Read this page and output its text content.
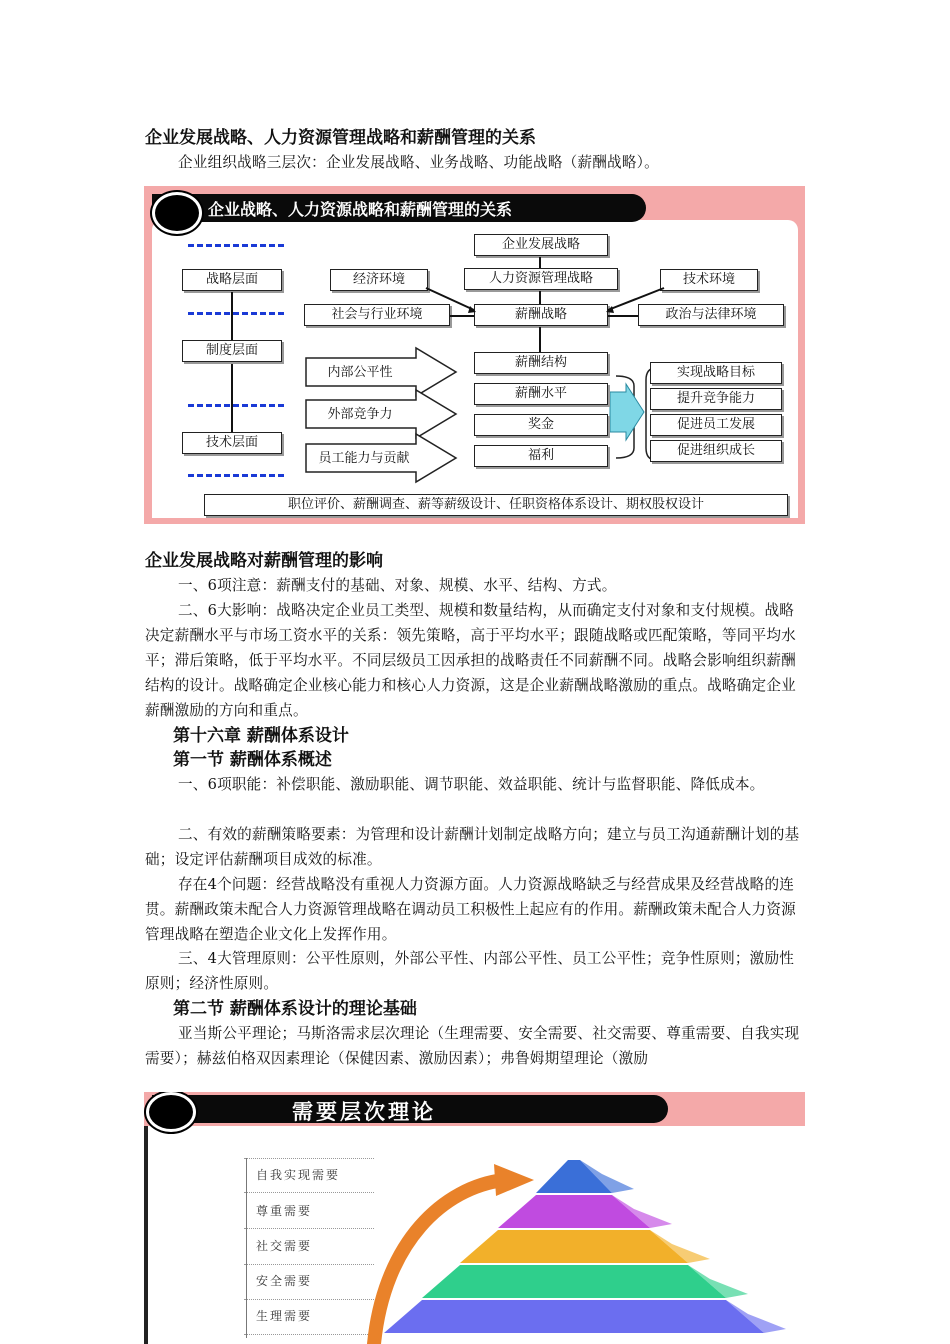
企业发展战略、人力资源管理战略和薪酬管理的关系
企业组织战略三层次：企业发展战略、业务战略、功能战略（薪酬战略）。
企业战略、人力资源战略和薪酬管理的关系
战略层面
制度层面
技术层面
企业发展战略
人力资源管理战略
薪酬战略
经济环境
社会与行业环境
技术环境
政治与法律环境
内部公平性
外部竞争力
员工能力与贡献
薪酬结构
薪酬水平
奖金
福利
实现战略目标
提升竞争能力
促进员工发展
促进组织成长
职位评价、薪酬调查、薪等薪级设计、任职资格体系设计、期权股权设计
企业发展战略对薪酬管理的影响
一、6项注意：薪酬支付的基础、对象、规模、水平、结构、方式。
二、6大影响：战略决定企业员工类型、规模和数量结构，从而确定支付对象和支付规模。战略决定薪酬水平与市场工资水平的关系：领先策略，高于平均水平；跟随战略或匹配策略，等同平均水平；滞后策略，低于平均水平。不同层级员工因承担的战略责任不同薪酬不同。战略会影响组织薪酬结构的设计。战略确定企业核心能力和核心人力资源，这是企业薪酬战略激励的重点。战略确定企业薪酬激励的方向和重点。
第十六章 薪酬体系设计
第一节 薪酬体系概述
一、6项职能：补偿职能、激励职能、调节职能、效益职能、统计与监督职能、降低成本。
二、有效的薪酬策略要素：为管理和设计薪酬计划制定战略方向；建立与员工沟通薪酬计划的基础；设定评估薪酬项目成效的标准。
存在4个问题：经营战略没有重视人力资源方面。人力资源战略缺乏与经营成果及经营战略的连贯。薪酬政策未配合人力资源管理战略在调动员工积极性上起应有的作用。薪酬政策未配合人力资源管理战略在塑造企业文化上发挥作用。
三、4大管理原则：公平性原则，外部公平性、内部公平性、员工公平性；竞争性原则；激励性原则；经济性原则。
第二节 薪酬体系设计的理论基础
亚当斯公平理论；马斯洛需求层次理论（生理需要、安全需要、社交需要、尊重需要、自我实现需要）；赫兹伯格双因素理论（保健因素、激励因素）；弗鲁姆期望理论（激励
需要层次理论
自我实现需要
尊重需要
社交需要
安全需要
生理需要
